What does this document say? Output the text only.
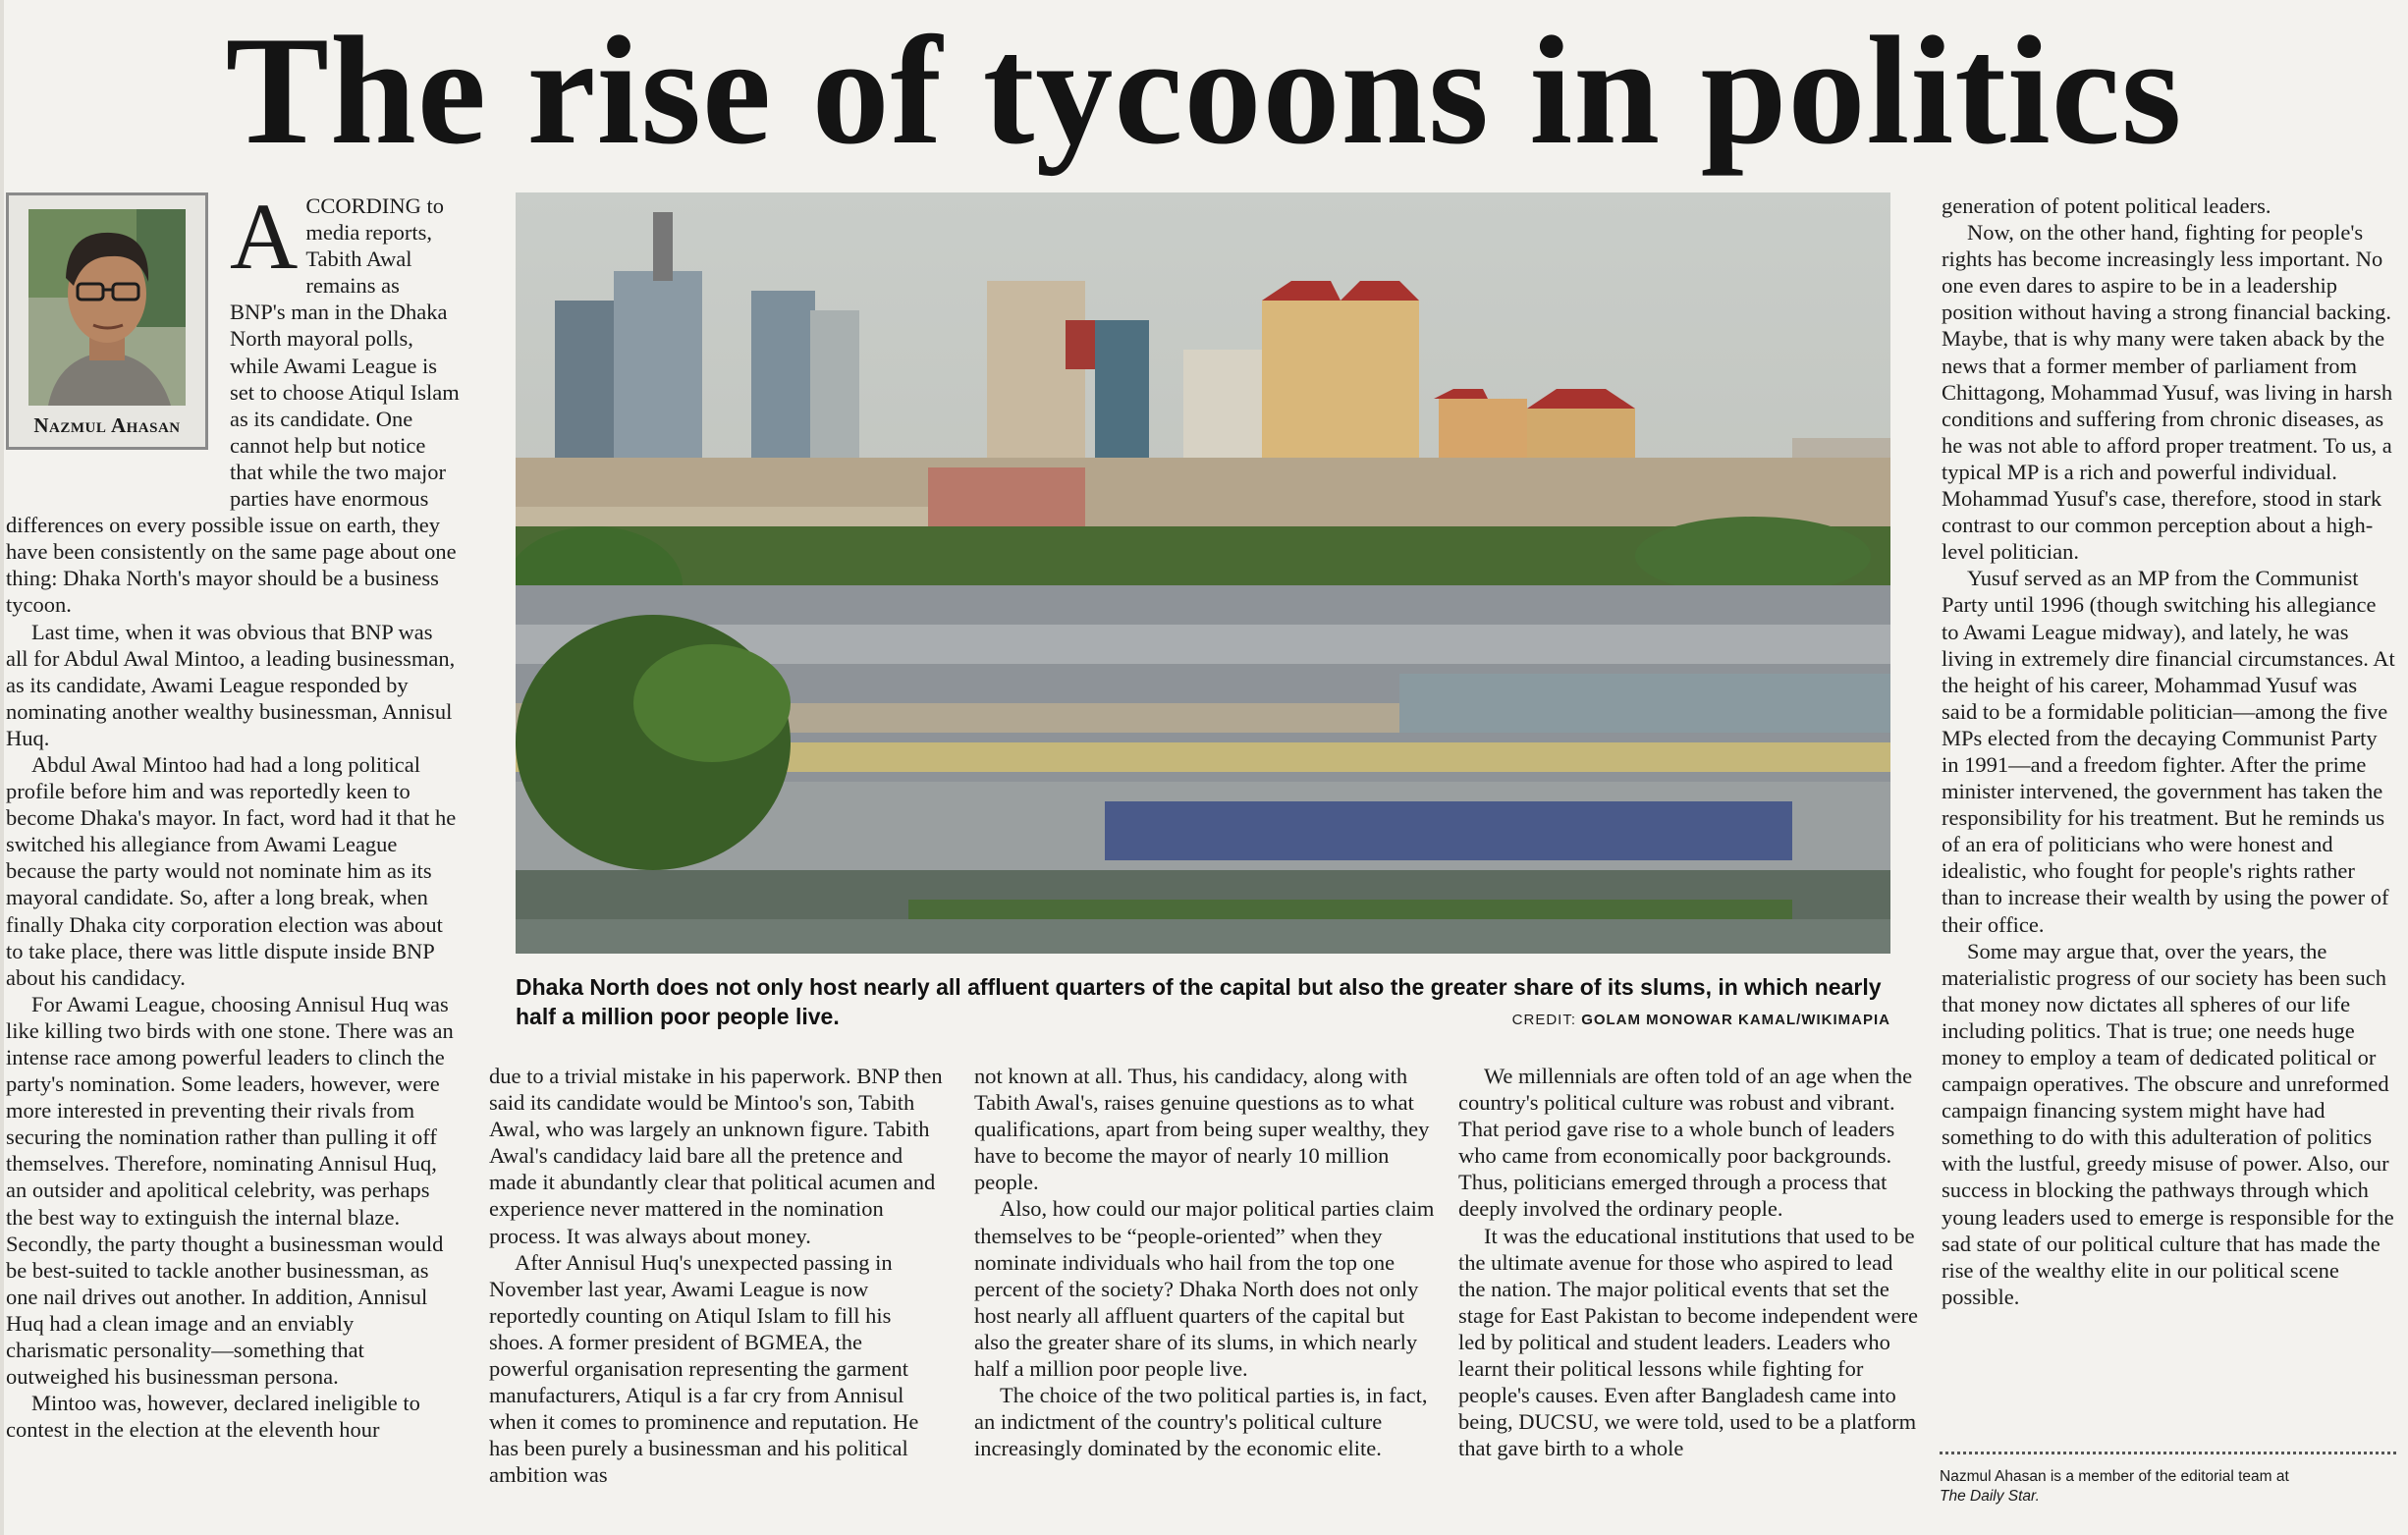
The rise of tycoons in politics
Nazmul Ahasan

ACCORDING to media reports, Tabith Awal remains as BNP's man in the Dhaka North mayoral polls, while Awami League is set to choose Atiqul Islam as its candidate. One cannot help but notice that while the two major parties have enormous differences on every possible issue on earth, they have been consistently on the same page about one thing: Dhaka North's mayor should be a business tycoon.

Last time, when it was obvious that BNP was all for Abdul Awal Mintoo, a leading businessman, as its candidate, Awami League responded by nominating another wealthy businessman, Annisul Huq.

Abdul Awal Mintoo had had a long political profile before him and was reportedly keen to become Dhaka's mayor. In fact, word had it that he switched his allegiance from Awami League because the party would not nominate him as its mayoral candidate. So, after a long break, when finally Dhaka city corporation election was about to take place, there was little dispute inside BNP about his candidacy.

For Awami League, choosing Annisul Huq was like killing two birds with one stone. There was an intense race among powerful leaders to clinch the party's nomination. Some leaders, however, were more interested in preventing their rivals from securing the nomination rather than pulling it off themselves. Therefore, nominating Annisul Huq, an outsider and apolitical celebrity, was perhaps the best way to extinguish the internal blaze. Secondly, the party thought a businessman would be best-suited to tackle another businessman, as one nail drives out another. In addition, Annisul Huq had a clean image and an enviably charismatic personality—something that outweighed his businessman persona.

Mintoo was, however, declared ineligible to contest in the election at the eleventh hour

Dhaka North does not only host nearly all affluent quarters of the capital but also the greater share of its slums, in which nearly half a million poor people live.	CREDIT: GOLAM MONOWAR KAMAL/WIKIMAPIA

due to a trivial mistake in his paperwork. BNP then said its candidate would be Mintoo's son, Tabith Awal, who was largely an unknown figure. Tabith Awal's candidacy laid bare all the pretence and made it abundantly clear that political acumen and experience never mattered in the nomination process. It was always about money.

After Annisul Huq's unexpected passing in November last year, Awami League is now reportedly counting on Atiqul Islam to fill his shoes. A former president of BGMEA, the powerful organisation representing the garment manufacturers, Atiqul is a far cry from Annisul when it comes to prominence and reputation. He has been purely a businessman and his political ambition was

not known at all. Thus, his candidacy, along with Tabith Awal's, raises genuine questions as to what qualifications, apart from being super wealthy, they have to become the mayor of nearly 10 million people.

Also, how could our major political parties claim themselves to be “people-oriented” when they nominate individuals who hail from the top one percent of the society? Dhaka North does not only host nearly all affluent quarters of the capital but also the greater share of its slums, in which nearly half a million poor people live.

The choice of the two political parties is, in fact, an indictment of the country's political culture increasingly dominated by the economic elite.

We millennials are often told of an age when the country's political culture was robust and vibrant. That period gave rise to a whole bunch of leaders who came from economically poor backgrounds. Thus, politicians emerged through a process that deeply involved the ordinary people.

It was the educational institutions that used to be the ultimate avenue for those who aspired to lead the nation. The major political events that set the stage for East Pakistan to become independent were led by political and student leaders. Leaders who learnt their political lessons while fighting for people's causes. Even after Bangladesh came into being, DUCSU, we were told, used to be a platform that gave birth to a whole

generation of potent political leaders.

Now, on the other hand, fighting for people's rights has become increasingly less important. No one even dares to aspire to be in a leadership position without having a strong financial backing. Maybe, that is why many were taken aback by the news that a former member of parliament from Chittagong, Mohammad Yusuf, was living in harsh conditions and suffering from chronic diseases, as he was not able to afford proper treatment. To us, a typical MP is a rich and powerful individual. Mohammad Yusuf's case, therefore, stood in stark contrast to our common perception about a high-level politician.

Yusuf served as an MP from the Communist Party until 1996 (though switching his allegiance to Awami League midway), and lately, he was living in extremely dire financial circumstances. At the height of his career, Mohammad Yusuf was said to be a formidable politician—among the five MPs elected from the decaying Communist Party in 1991—and a freedom fighter. After the prime minister intervened, the government has taken the responsibility for his treatment. But he reminds us of an era of politicians who were honest and idealistic, who fought for people's rights rather than to increase their wealth by using the power of their office.

Some may argue that, over the years, the materialistic progress of our society has been such that money now dictates all spheres of our life including politics. That is true; one needs huge money to employ a team of dedicated political or campaign operatives. The obscure and unreformed campaign financing system might have had something to do with this adulteration of politics with the lustful, greedy misuse of power. Also, our success in blocking the pathways through which young leaders used to emerge is responsible for the sad state of our political culture that has made the rise of the wealthy elite in our political scene possible.

Nazmul Ahasan is a member of the editorial team at
The Daily Star.
